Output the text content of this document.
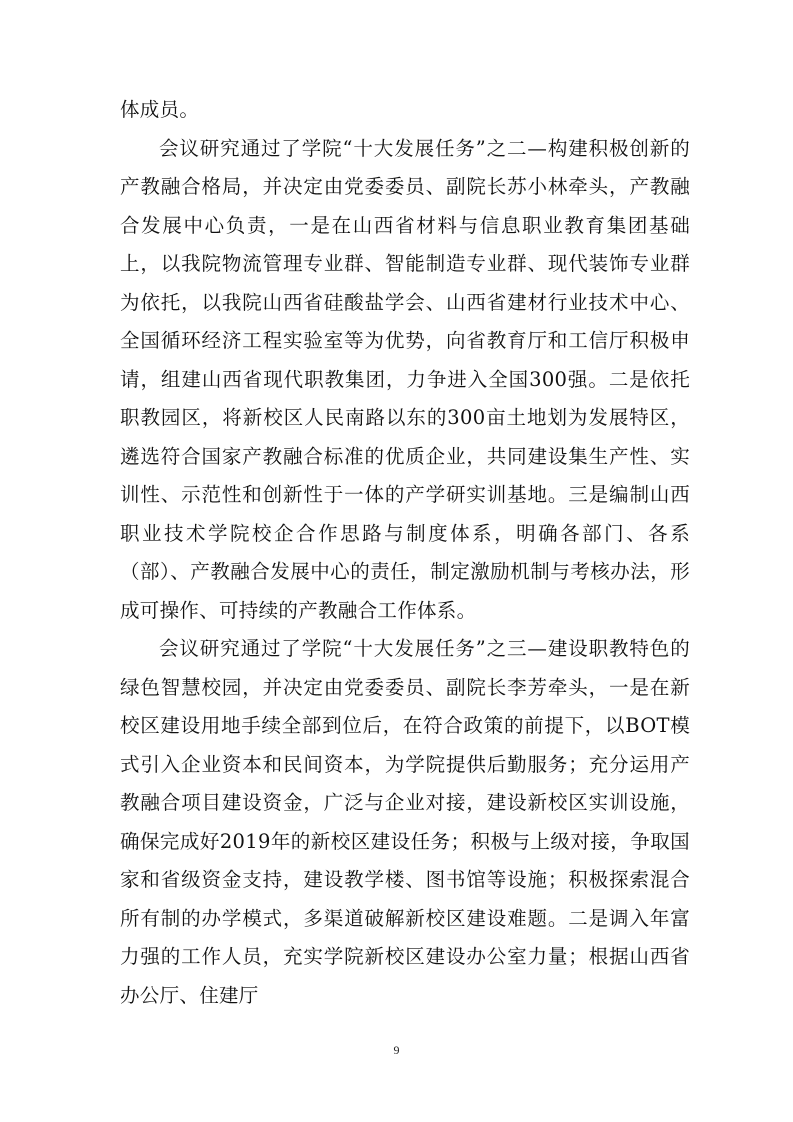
体成员。

会议研究通过了学院“十大发展任务”之二—构建积极创新的产教融合格局，并决定由党委委员、副院长苏小林牵头，产教融合发展中心负责，一是在山西省材料与信息职业教育集团基础上，以我院物流管理专业群、智能制造专业群、现代装饰专业群为依托，以我院山西省硅酸盐学会、山西省建材行业技术中心、全国循环经济工程实验室等为优势，向省教育厅和工信厅积极申请，组建山西省现代职教集团，力争进入全国300强。二是依托职教园区，将新校区人民南路以东的300亩土地划为发展特区，遴选符合国家产教融合标准的优质企业，共同建设集生产性、实训性、示范性和创新性于一体的产学研实训基地。三是编制山西职业技术学院校企合作思路与制度体系，明确各部门、各系（部）、产教融合发展中心的责任，制定激励机制与考核办法，形成可操作、可持续的产教融合工作体系。

会议研究通过了学院“十大发展任务”之三—建设职教特色的绿色智慧校园，并决定由党委委员、副院长李芳牵头，一是在新校区建设用地手续全部到位后，在符合政策的前提下，以BOT模式引入企业资本和民间资本，为学院提供后勤服务；充分运用产教融合项目建设资金，广泛与企业对接，建设新校区实训设施，确保完成好2019年的新校区建设任务；积极与上级对接，争取国家和省级资金支持，建设教学楼、图书馆等设施；积极探索混合所有制的办学模式，多渠道破解新校区建设难题。二是调入年富力强的工作人员，充实学院新校区建设办公室力量；根据山西省办公厅、住建厅

9
